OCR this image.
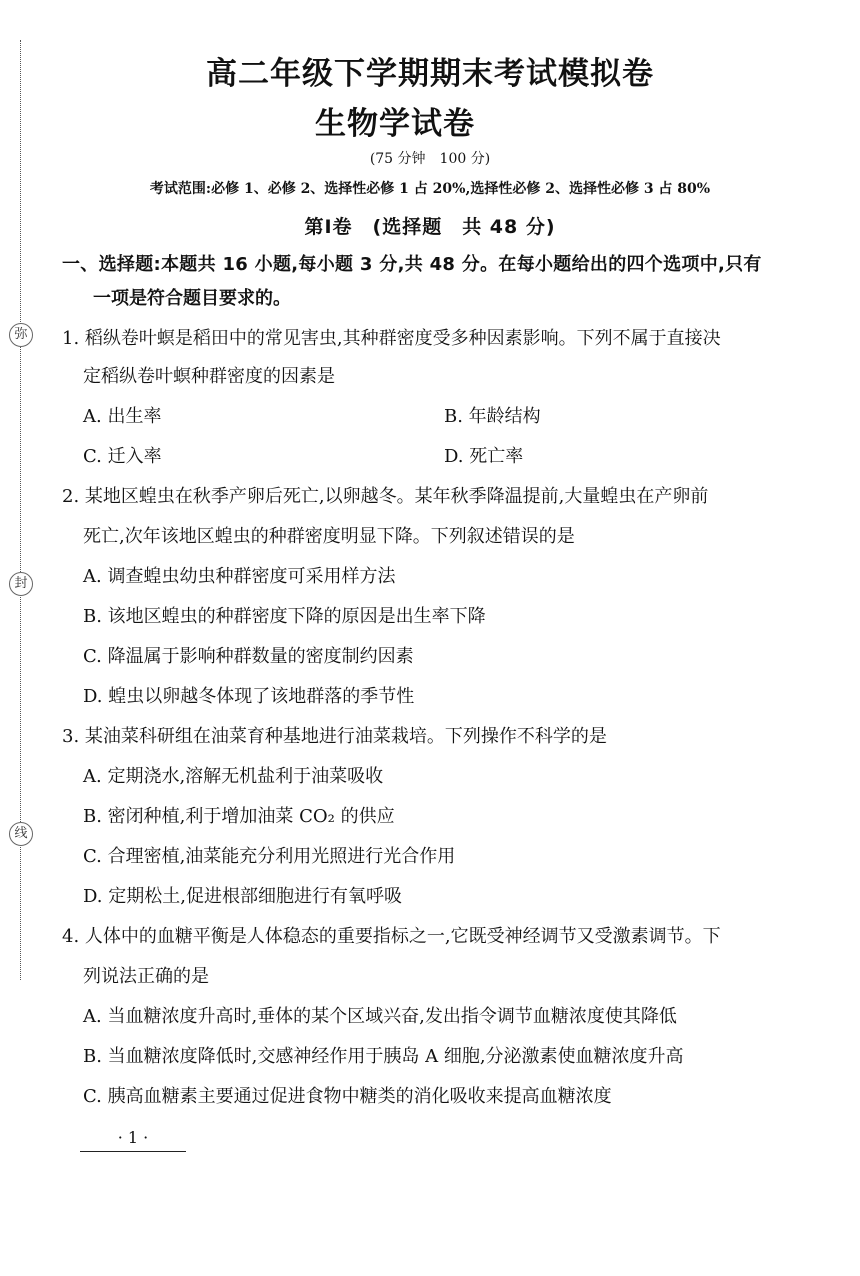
弥
封
线
高二年级下学期期末考试模拟卷
生物学试卷
(75 分钟　100 分)
考试范围:必修 1、必修 2、选择性必修 1 占 20%,选择性必修 2、选择性必修 3 占 80%
第Ⅰ卷　(选择题　共 48 分)
一、选择题:本题共 16 小题,每小题 3 分,共 48 分。在每小题给出的四个选项中,只有
一项是符合题目要求的。
1. 稻纵卷叶螟是稻田中的常见害虫,其种群密度受多种因素影响。下列不属于直接决
定稻纵卷叶螟种群密度的因素是
A. 出生率	B. 年龄结构
C. 迁入率	D. 死亡率
2. 某地区蝗虫在秋季产卵后死亡,以卵越冬。某年秋季降温提前,大量蝗虫在产卵前
死亡,次年该地区蝗虫的种群密度明显下降。下列叙述错误的是
A. 调查蝗虫幼虫种群密度可采用样方法
B. 该地区蝗虫的种群密度下降的原因是出生率下降
C. 降温属于影响种群数量的密度制约因素
D. 蝗虫以卵越冬体现了该地群落的季节性
3. 某油菜科研组在油菜育种基地进行油菜栽培。下列操作不科学的是
A. 定期浇水,溶解无机盐利于油菜吸收
B. 密闭种植,利于增加油菜 CO₂ 的供应
C. 合理密植,油菜能充分利用光照进行光合作用
D. 定期松土,促进根部细胞进行有氧呼吸
4. 人体中的血糖平衡是人体稳态的重要指标之一,它既受神经调节又受激素调节。下
列说法正确的是
A. 当血糖浓度升高时,垂体的某个区域兴奋,发出指令调节血糖浓度使其降低
B. 当血糖浓度降低时,交感神经作用于胰岛 A 细胞,分泌激素使血糖浓度升高
C. 胰高血糖素主要通过促进食物中糖类的消化吸收来提高血糖浓度
· 1 ·
